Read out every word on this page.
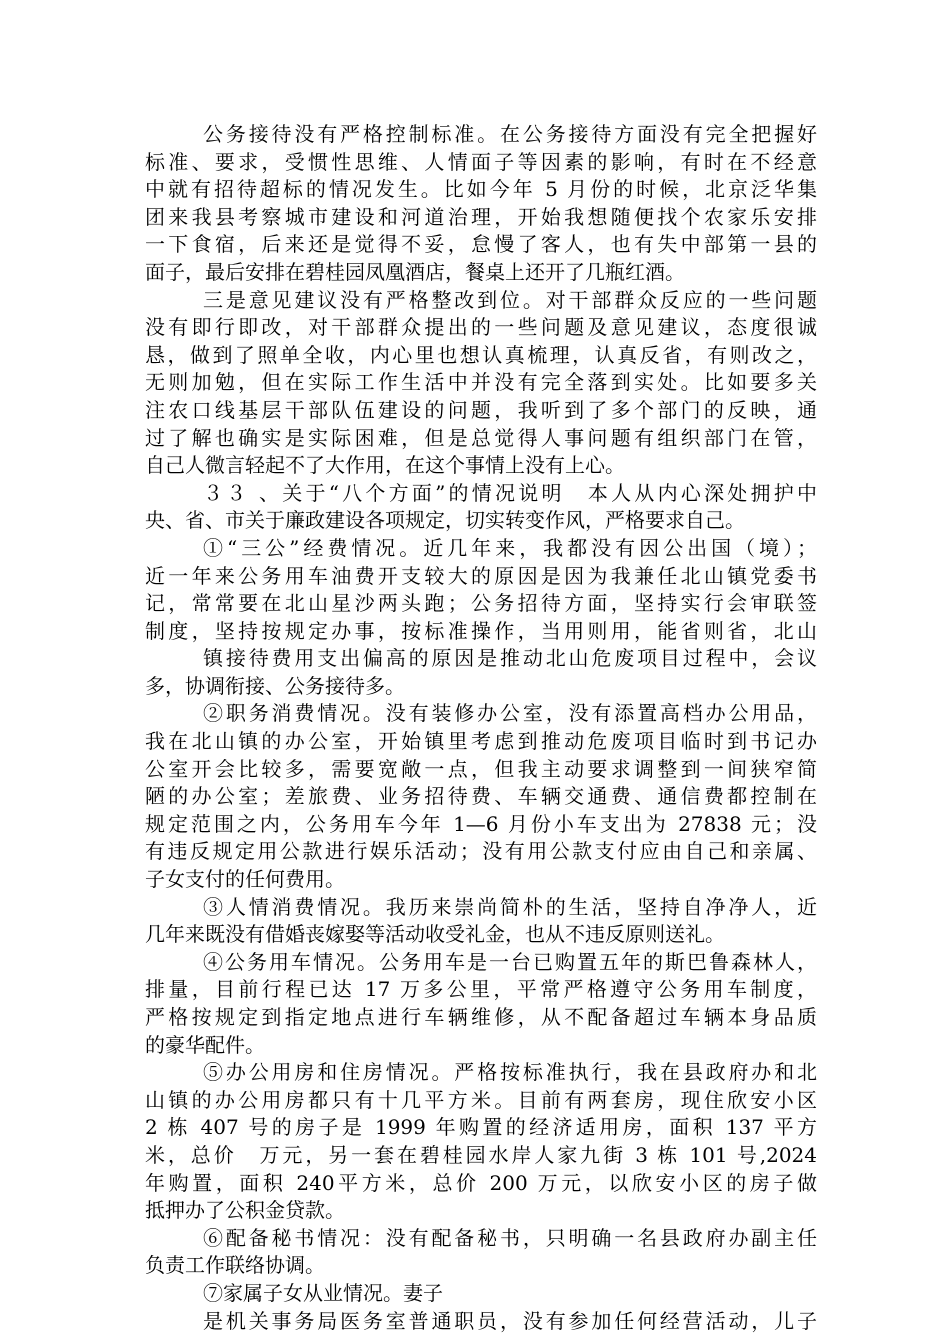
公务接待没有严格控制标准。在公务接待方面没有完全把握好
标准、要求，受惯性思维、人情面子等因素的影响，有时在不经意
中就有招待超标的情况发生。比如今年 5 月份的时候，北京泛华集
团来我县考察城市建设和河道治理，开始我想随便找个农家乐安排
一下食宿，后来还是觉得不妥，怠慢了客人，也有失中部第一县的
面子，最后安排在碧桂园凤凰酒店，餐桌上还开了几瓶红酒。
三是意见建议没有严格整改到位。对干部群众反应的一些问题
没有即行即改，对干部群众提出的一些问题及意见建议，态度很诚
恳，做到了照单全收，内心里也想认真梳理，认真反省，有则改之，
无则加勉，但在实际工作生活中并没有完全落到实处。比如要多关
注农口线基层干部队伍建设的问题，我听到了多个部门的反映，通
过了解也确实是实际困难，但是总觉得人事问题有组织部门在管，
自己人微言轻起不了大作用，在这个事情上没有上心。
３３ 、关于“八个方面”的情况说明　本人从内心深处拥护中
央、省、市关于廉政建设各项规定，切实转变作风，严格要求自己。
①“三公”经费情况。近几年来，我都没有因公出国（境）；
近一年来公务用车油费开支较大的原因是因为我兼任北山镇党委书
记，常常要在北山星沙两头跑；公务招待方面，坚持实行会审联签
制度，坚持按规定办事，按标准操作，当用则用，能省则省，北山
镇接待费用支出偏高的原因是推动北山危废项目过程中，会议
多，协调衔接、公务接待多。
②职务消费情况。没有装修办公室，没有添置高档办公用品，
我在北山镇的办公室，开始镇里考虑到推动危废项目临时到书记办
公室开会比较多，需要宽敞一点，但我主动要求调整到一间狭窄简
陋的办公室；差旅费、业务招待费、车辆交通费、通信费都控制在
规定范围之内，公务用车今年 1—6 月份小车支出为 27838 元；没
有违反规定用公款进行娱乐活动；没有用公款支付应由自己和亲属、
子女支付的任何费用。
③人情消费情况。我历来崇尚简朴的生活，坚持自净净人，近
几年来既没有借婚丧嫁娶等活动收受礼金，也从不违反原则送礼。
④公务用车情况。公务用车是一台已购置五年的斯巴鲁森林人，
排量，目前行程已达 17 万多公里，平常严格遵守公务用车制度，
严格按规定到指定地点进行车辆维修，从不配备超过车辆本身品质
的豪华配件。
⑤办公用房和住房情况。严格按标准执行，我在县政府办和北
山镇的办公用房都只有十几平方米。目前有两套房，现住欣安小区
2 栋 407 号的房子是 1999 年购置的经济适用房，面积 137 平方
米，总价　万元，另一套在碧桂园水岸人家九街 3 栋 101 号,2024
年购置，面积 240平方米，总价 200 万元，以欣安小区的房子做
抵押办了公积金贷款。
⑥配备秘书情况：没有配备秘书，只明确一名县政府办副主任
负责工作联络协调。
⑦家属子女从业情况。妻子
是机关事务局医务室普通职员，没有参加任何经营活动，儿子
